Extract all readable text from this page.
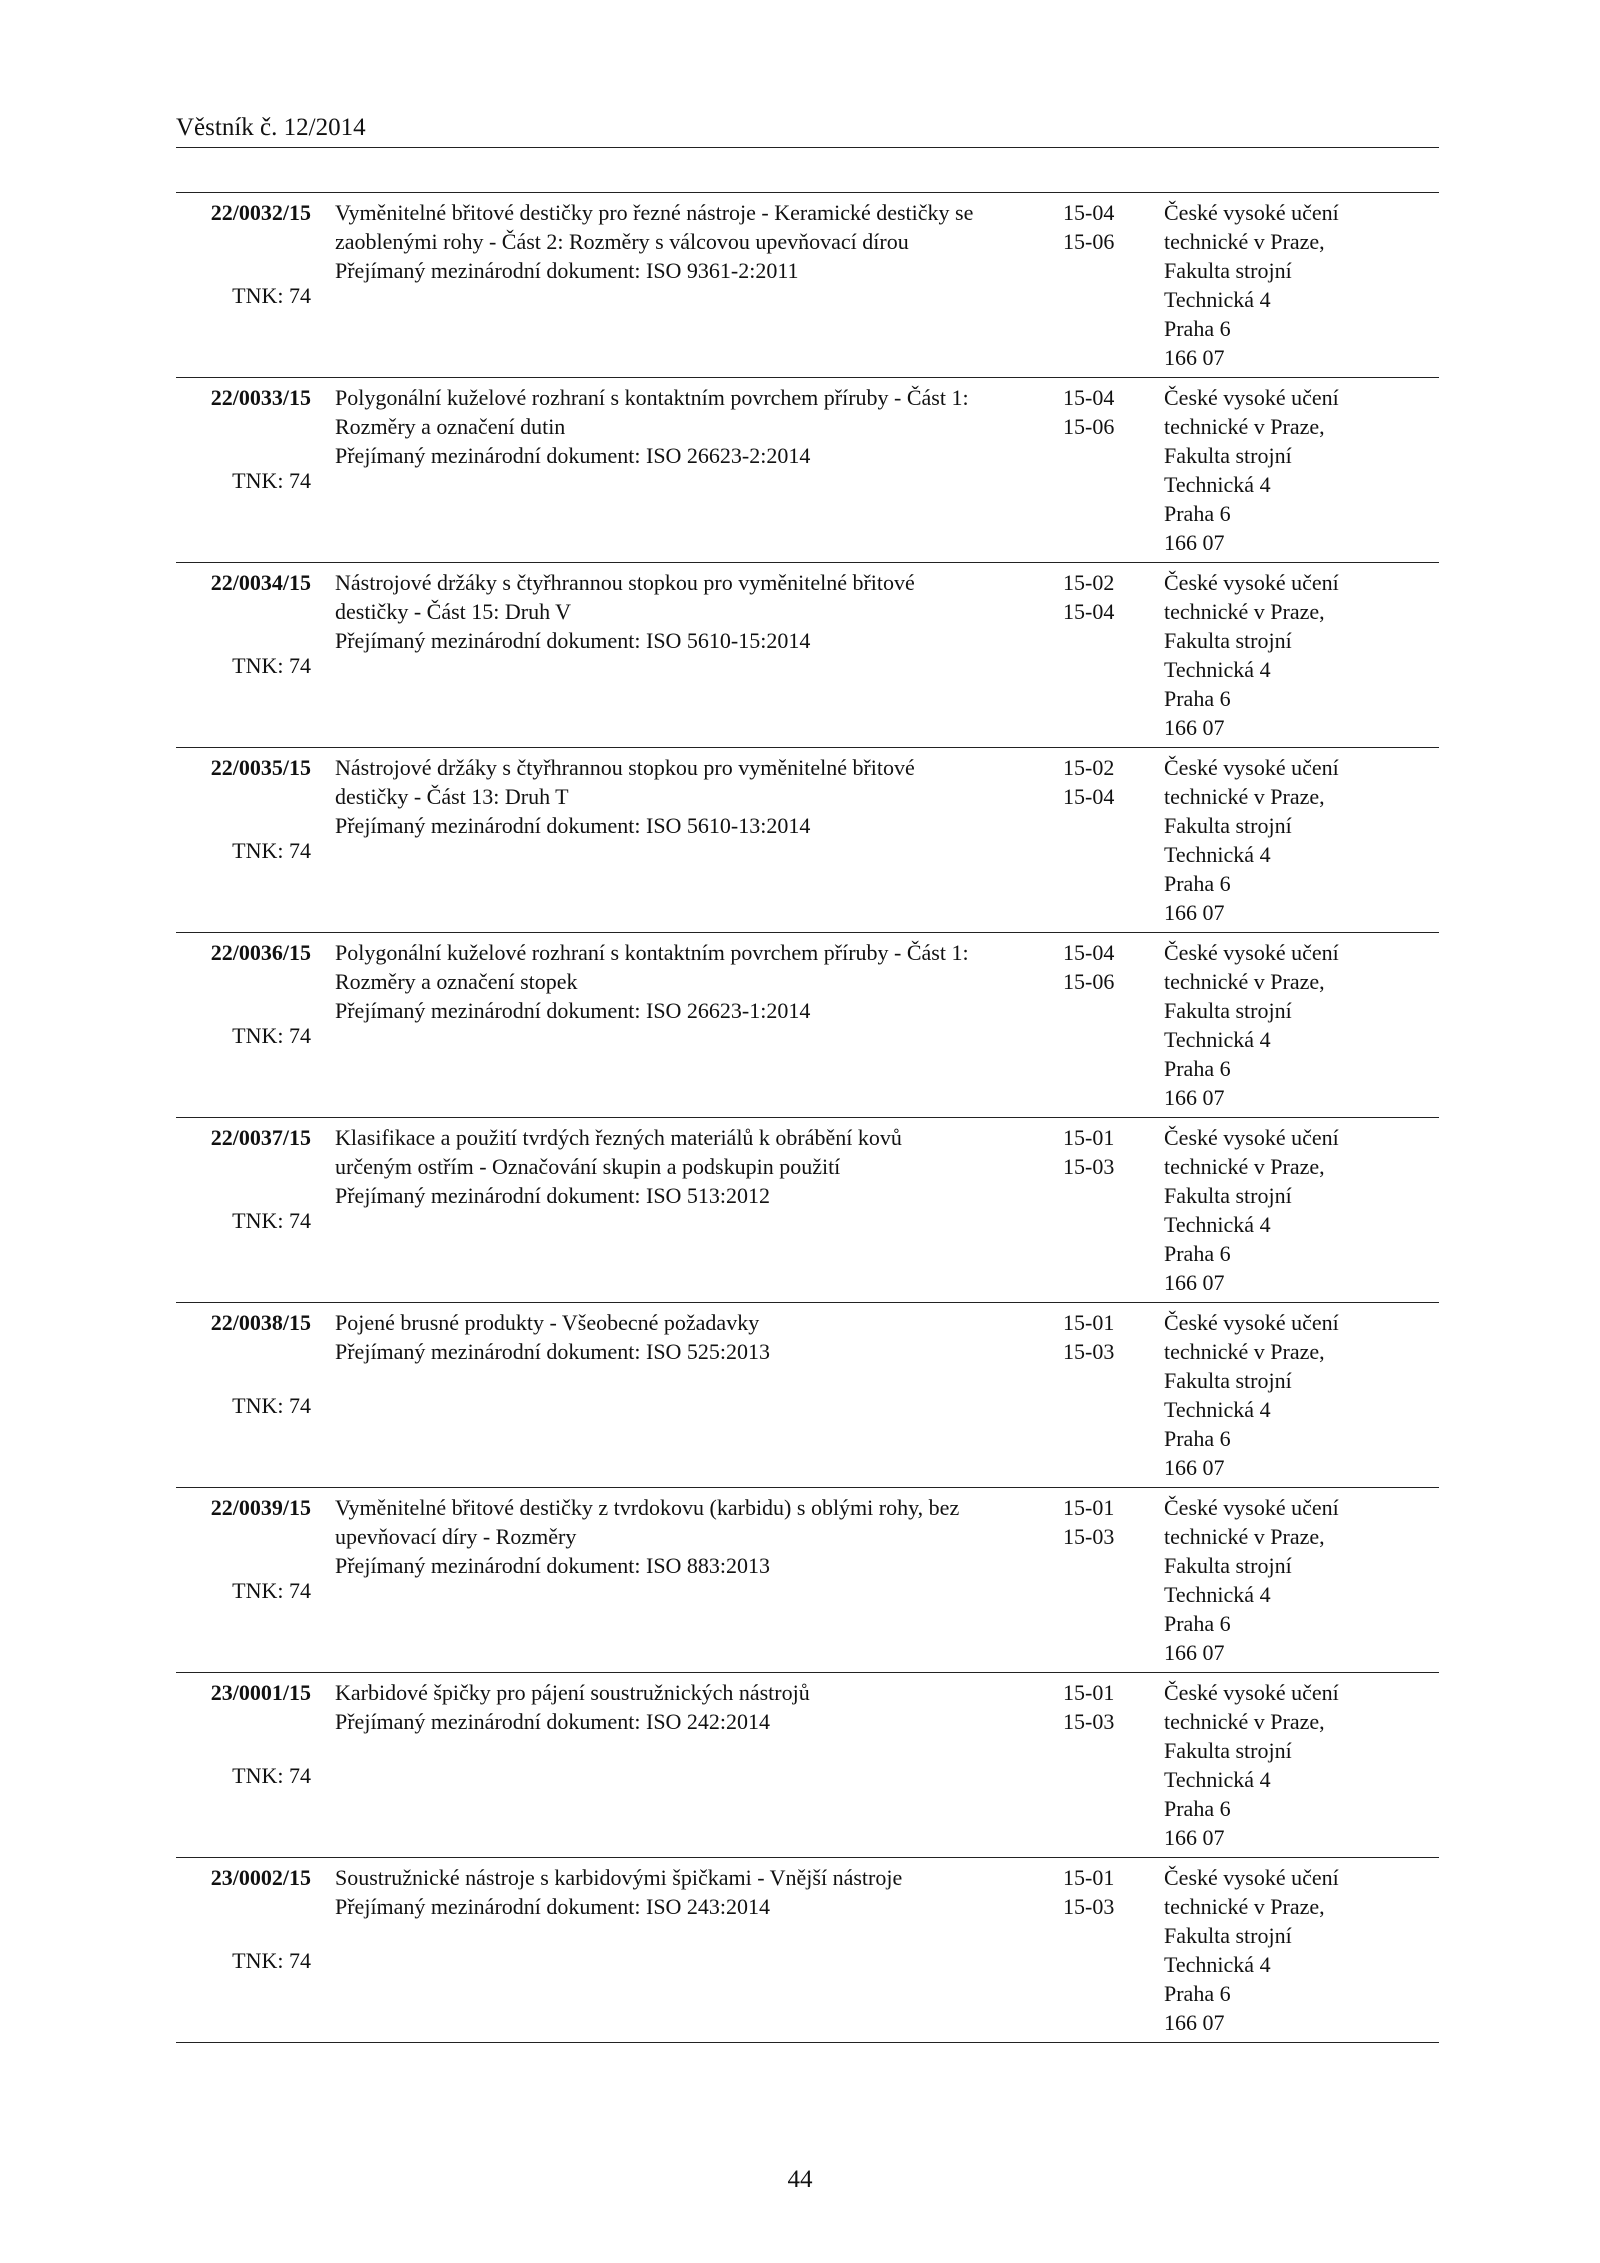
Věstník č. 12/2014
22/0032/15
TNK: 74
Vyměnitelné břitové destičky pro řezné nástroje - Keramické destičky se
zaoblenými rohy - Část 2: Rozměry s válcovou upevňovací dírou
Přejímaný mezinárodní dokument: ISO 9361-2:2011
15-04
15-06
České vysoké učení
technické v Praze,
Fakulta strojní
Technická 4
Praha 6
166 07
22/0033/15
TNK: 74
Polygonální kuželové rozhraní s kontaktním povrchem příruby - Část 1:
Rozměry a označení dutin
Přejímaný mezinárodní dokument: ISO 26623-2:2014
15-04
15-06
České vysoké učení
technické v Praze,
Fakulta strojní
Technická 4
Praha 6
166 07
22/0034/15
TNK: 74
Nástrojové držáky s čtyřhrannou stopkou pro vyměnitelné břitové
destičky - Část 15: Druh V
Přejímaný mezinárodní dokument: ISO 5610-15:2014
15-02
15-04
České vysoké učení
technické v Praze,
Fakulta strojní
Technická 4
Praha 6
166 07
22/0035/15
TNK: 74
Nástrojové držáky s čtyřhrannou stopkou pro vyměnitelné břitové
destičky - Část 13: Druh T
Přejímaný mezinárodní dokument: ISO 5610-13:2014
15-02
15-04
České vysoké učení
technické v Praze,
Fakulta strojní
Technická 4
Praha 6
166 07
22/0036/15
TNK: 74
Polygonální kuželové rozhraní s kontaktním povrchem příruby - Část 1:
Rozměry a označení stopek
Přejímaný mezinárodní dokument: ISO 26623-1:2014
15-04
15-06
České vysoké učení
technické v Praze,
Fakulta strojní
Technická 4
Praha 6
166 07
22/0037/15
TNK: 74
Klasifikace a použití tvrdých řezných materiálů k obrábění kovů
určeným ostřím - Označování skupin a podskupin použití
Přejímaný mezinárodní dokument: ISO 513:2012
15-01
15-03
České vysoké učení
technické v Praze,
Fakulta strojní
Technická 4
Praha 6
166 07
22/0038/15
TNK: 74
Pojené brusné produkty - Všeobecné požadavky
Přejímaný mezinárodní dokument: ISO 525:2013
15-01
15-03
České vysoké učení
technické v Praze,
Fakulta strojní
Technická 4
Praha 6
166 07
22/0039/15
TNK: 74
Vyměnitelné břitové destičky z tvrdokovu (karbidu) s oblými rohy, bez
upevňovací díry - Rozměry
Přejímaný mezinárodní dokument: ISO 883:2013
15-01
15-03
České vysoké učení
technické v Praze,
Fakulta strojní
Technická 4
Praha 6
166 07
23/0001/15
TNK: 74
Karbidové špičky pro pájení soustružnických nástrojů
Přejímaný mezinárodní dokument: ISO 242:2014
15-01
15-03
České vysoké učení
technické v Praze,
Fakulta strojní
Technická 4
Praha 6
166 07
23/0002/15
TNK: 74
Soustružnické nástroje s karbidovými špičkami - Vnější nástroje
Přejímaný mezinárodní dokument: ISO 243:2014
15-01
15-03
České vysoké učení
technické v Praze,
Fakulta strojní
Technická 4
Praha 6
166 07
44
